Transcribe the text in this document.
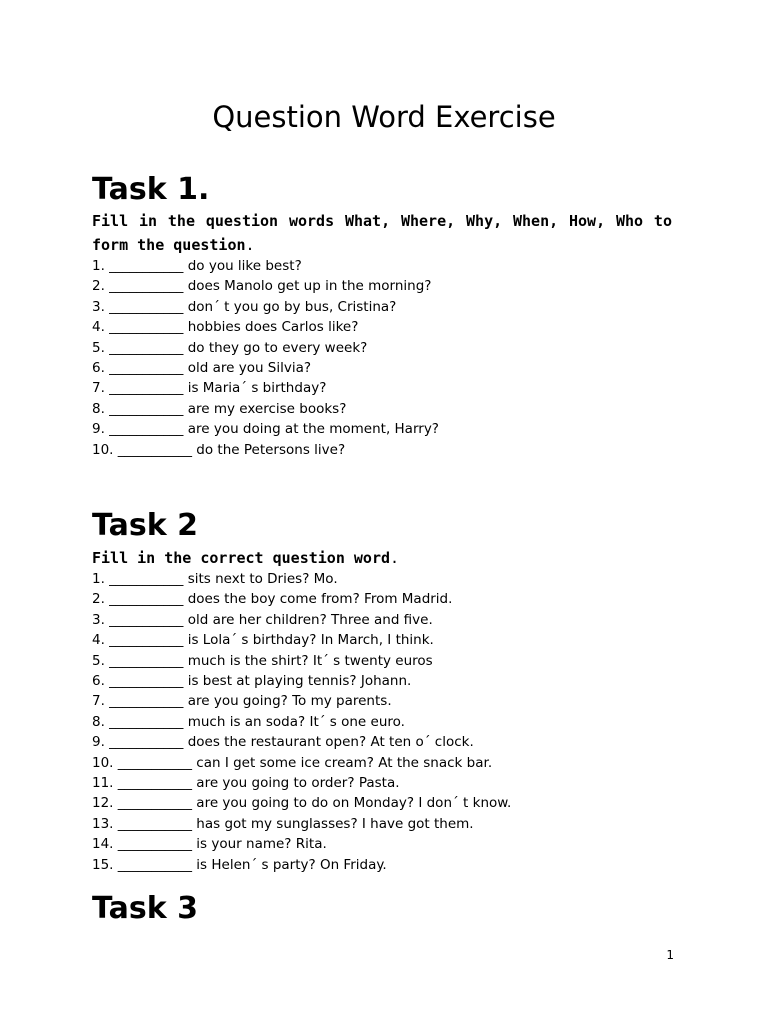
Question Word Exercise
Task 1.

Fill in the question words What, Where, Why, When, How, Who to form the question.

1. ___________ do you like best?
2. ___________ does Manolo get up in the morning?
3. ___________ don´ t you go by bus, Cristina?
4. ___________ hobbies does Carlos like?
5. ___________ do they go to every week?
6. ___________ old are you Silvia?
7. ___________ is Maria´ s birthday?
8. ___________ are my exercise books?
9. ___________ are you doing at the moment, Harry?
10. ___________ do the Petersons live?
Task 2

Fill in the correct question word.

1. ___________ sits next to Dries? Mo.
2. ___________ does the boy come from? From Madrid.
3. ___________ old are her children? Three and five.
4. ___________ is Lola´ s birthday? In March, I think.
5. ___________ much is the shirt? It´ s twenty euros
6. ___________ is best at playing tennis? Johann.
7. ___________ are you going? To my parents.
8. ___________ much is an soda? It´ s one euro.
9. ___________ does the restaurant open? At ten o´ clock.
10. ___________ can I get some ice cream? At the snack bar.
11. ___________ are you going to order? Pasta.
12. ___________ are you going to do on Monday? I don´ t know.
13. ___________ has got my sunglasses? I have got them.
14. ___________ is your name? Rita.
15. ___________ is Helen´ s party? On Friday.
Task 3
1
